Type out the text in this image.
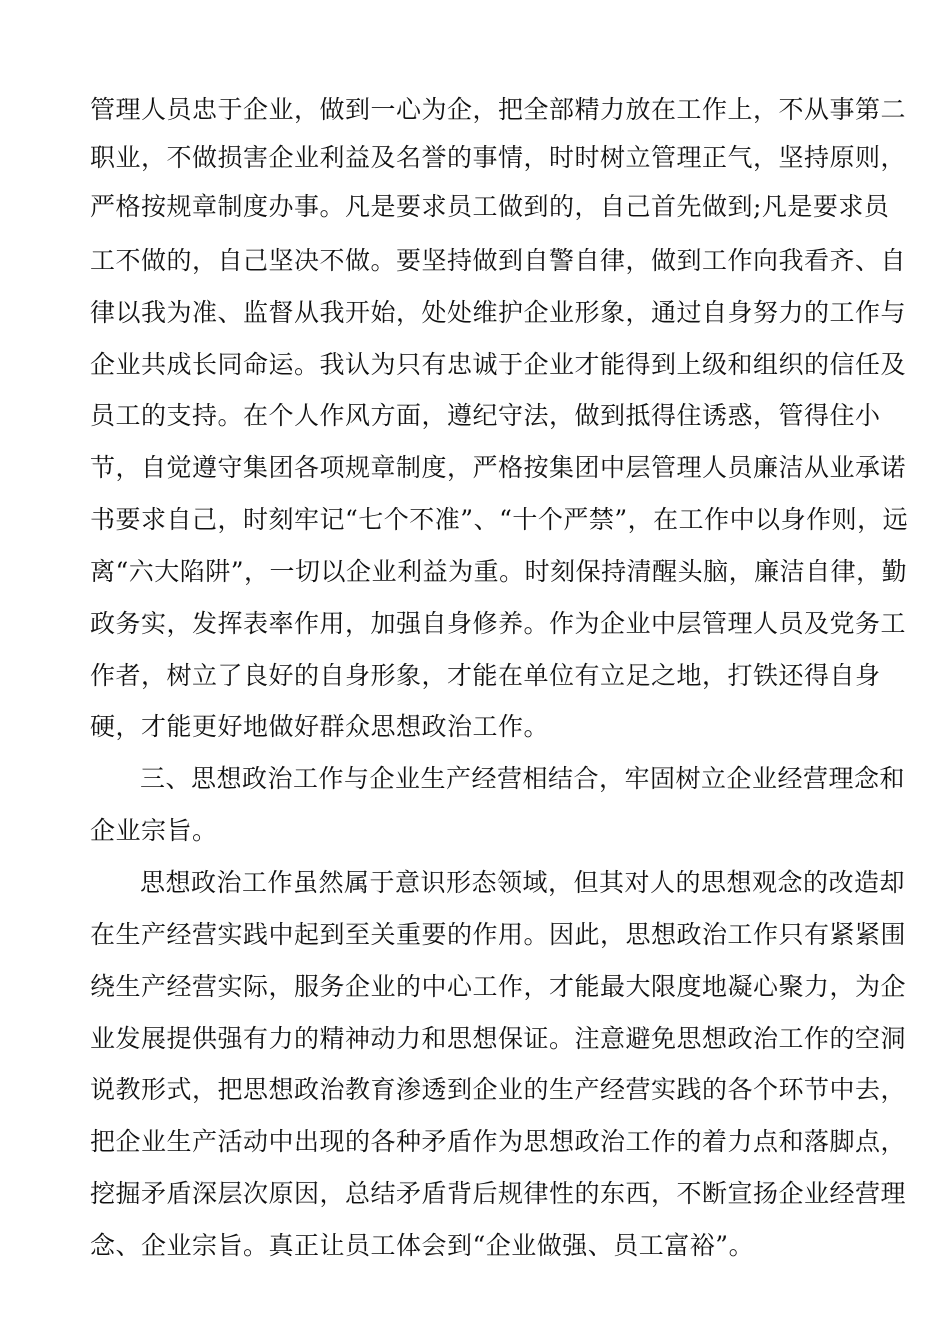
管理人员忠于企业，做到一心为企，把全部精力放在工作上，不从事第二

职业，不做损害企业利益及名誉的事情，时时树立管理正气，坚持原则，

严格按规章制度办事。凡是要求员工做到的，自己首先做到;凡是要求员

工不做的，自己坚决不做。要坚持做到自警自律，做到工作向我看齐、自

律以我为准、监督从我开始，处处维护企业形象，通过自身努力的工作与

企业共成长同命运。我认为只有忠诚于企业才能得到上级和组织的信任及

员工的支持。在个人作风方面，遵纪守法，做到抵得住诱惑，管得住小

节，自觉遵守集团各项规章制度，严格按集团中层管理人员廉洁从业承诺

书要求自己，时刻牢记“七个不准”、“十个严禁”，在工作中以身作则，远

离“六大陷阱”，一切以企业利益为重。时刻保持清醒头脑，廉洁自律，勤

政务实，发挥表率作用，加强自身修养。作为企业中层管理人员及党务工

作者，树立了良好的自身形象，才能在单位有立足之地，打铁还得自身

硬，才能更好地做好群众思想政治工作。

三、思想政治工作与企业生产经营相结合，牢固树立企业经营理念和

企业宗旨。

思想政治工作虽然属于意识形态领域，但其对人的思想观念的改造却

在生产经营实践中起到至关重要的作用。因此，思想政治工作只有紧紧围

绕生产经营实际，服务企业的中心工作，才能最大限度地凝心聚力，为企

业发展提供强有力的精神动力和思想保证。注意避免思想政治工作的空洞

说教形式，把思想政治教育渗透到企业的生产经营实践的各个环节中去，

把企业生产活动中出现的各种矛盾作为思想政治工作的着力点和落脚点，

挖掘矛盾深层次原因，总结矛盾背后规律性的东西，不断宣扬企业经营理

念、企业宗旨。真正让员工体会到“企业做强、员工富裕”。
